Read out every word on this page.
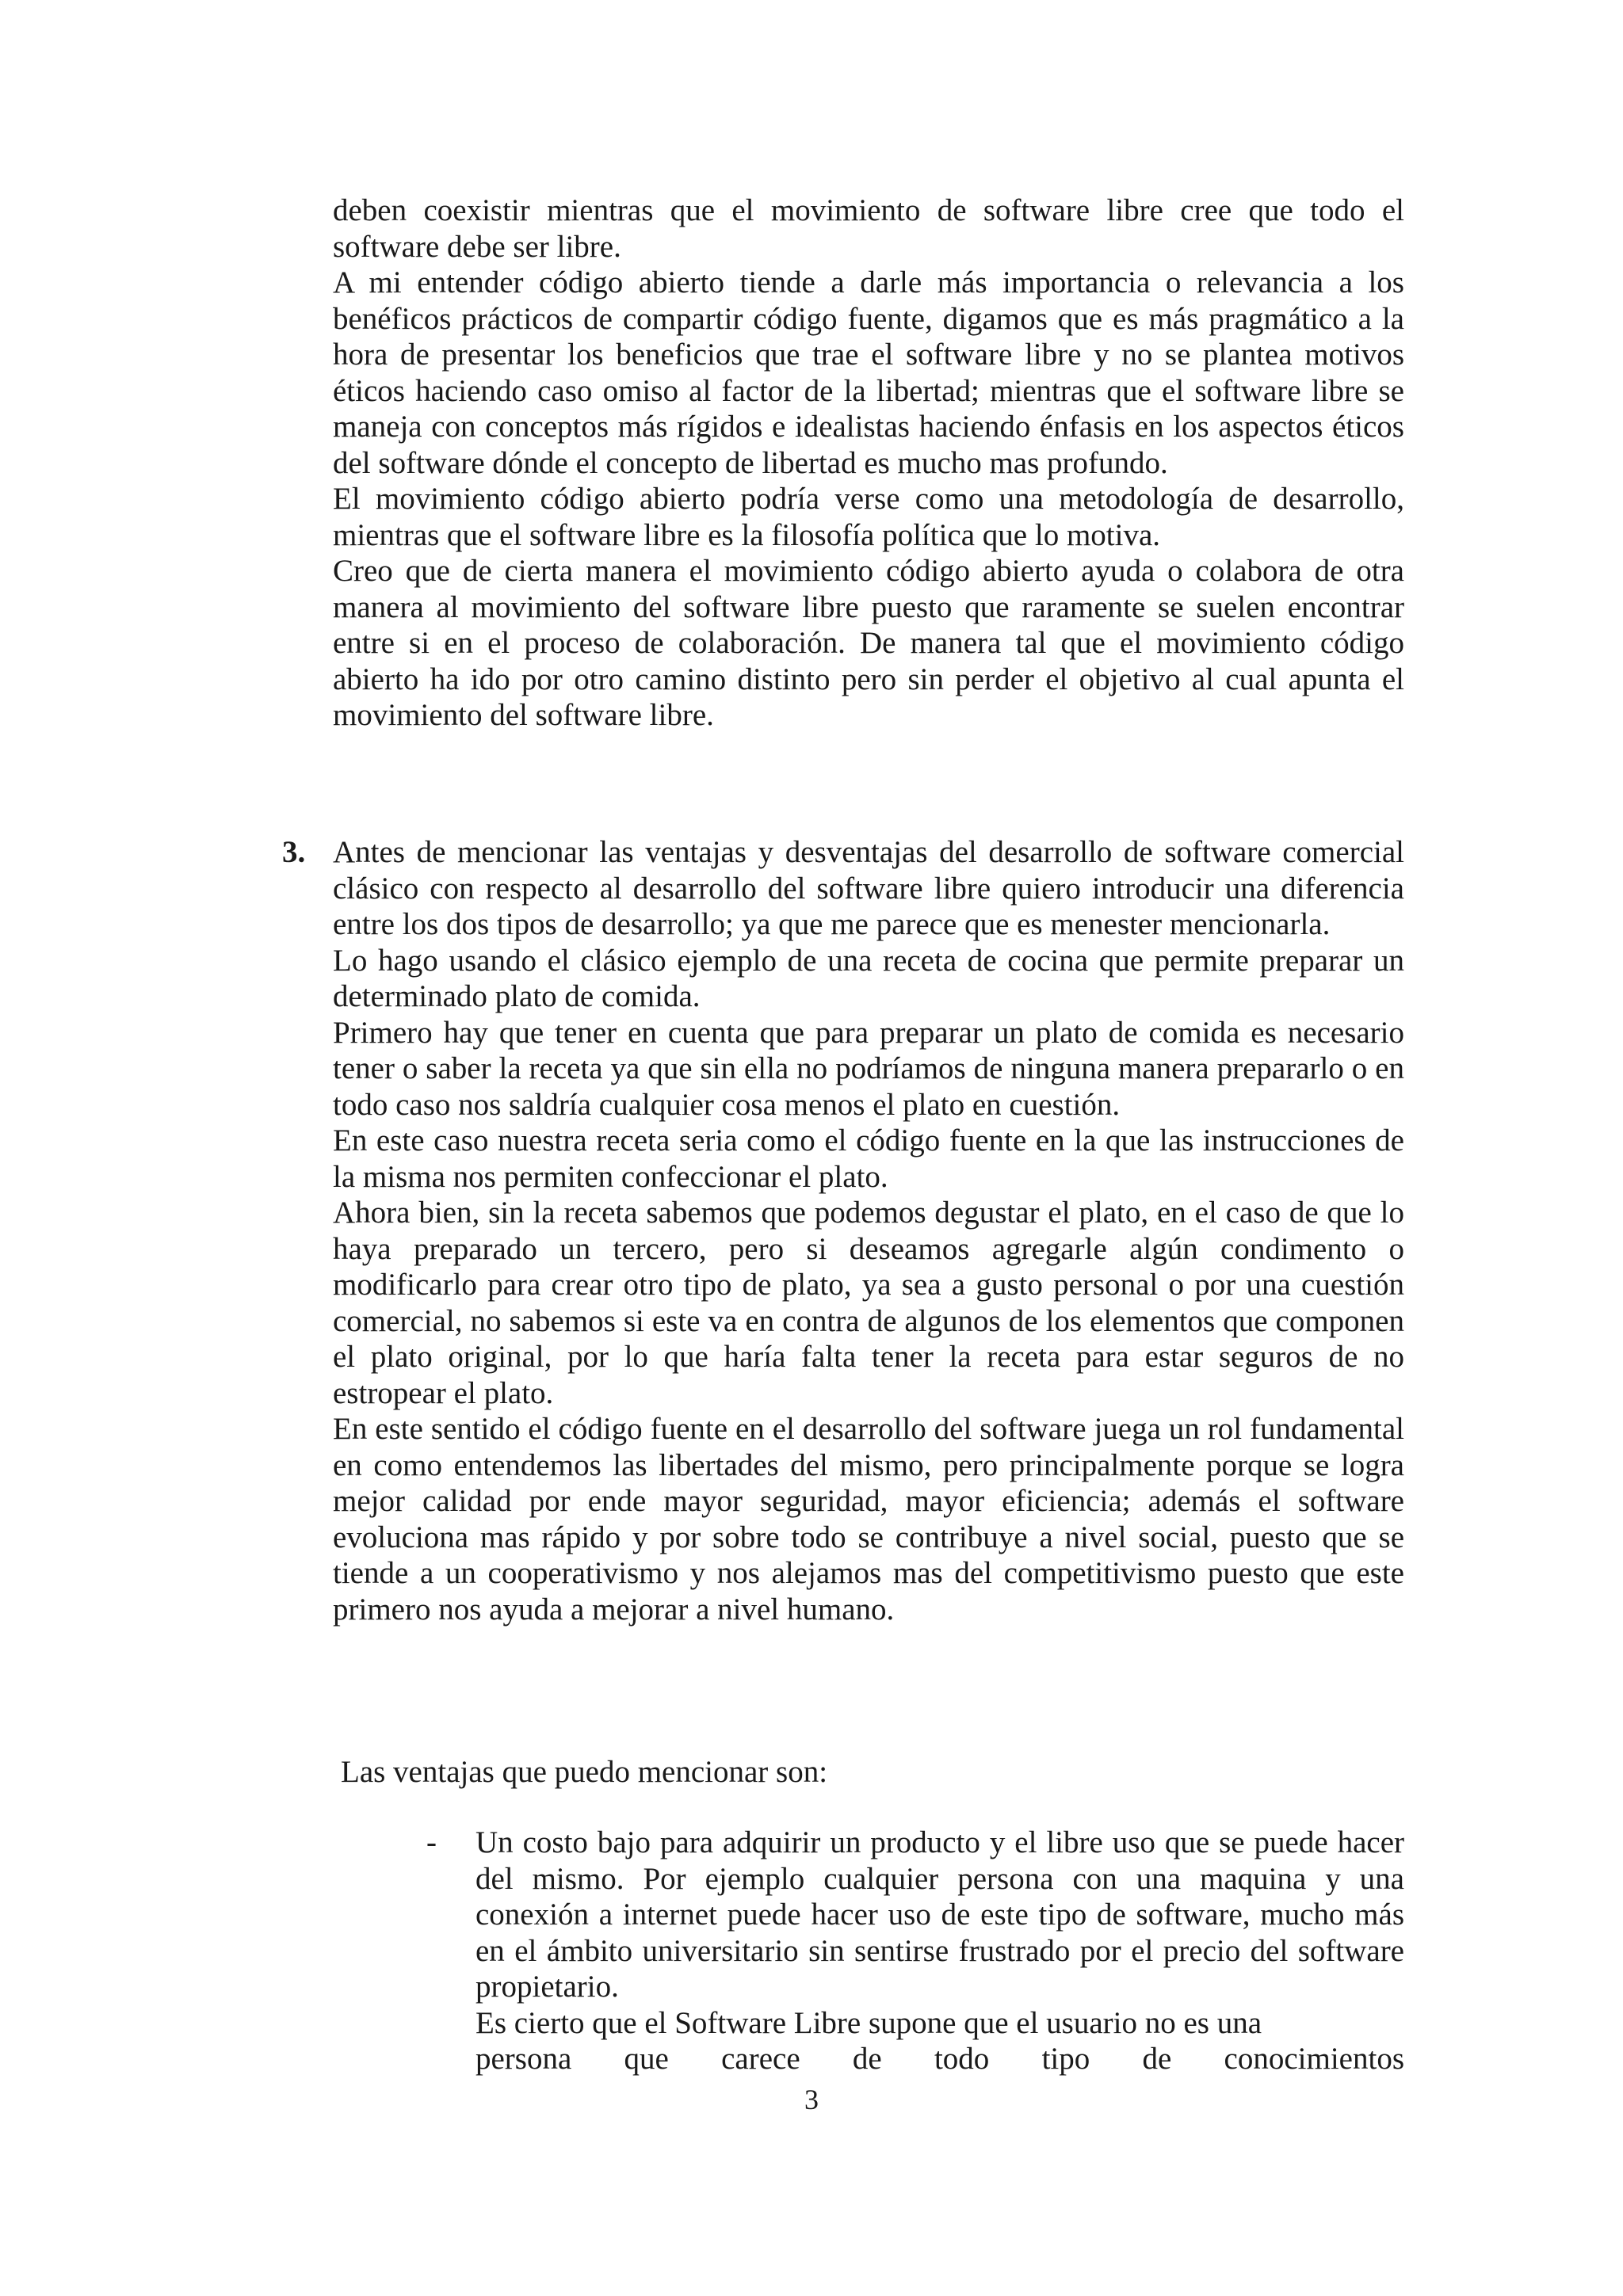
deben coexistir mientras que el movimiento de software libre cree que todo el software debe ser libre.

A mi entender código abierto tiende a darle más importancia o relevancia a los benéficos prácticos de compartir código fuente, digamos que es más pragmático a la hora de presentar los beneficios que trae el software libre y no se plantea motivos éticos haciendo caso omiso al factor de la libertad; mientras que el software libre se maneja con conceptos más rígidos e idealistas haciendo énfasis en los aspectos éticos del software dónde el concepto de libertad es mucho mas profundo.

El movimiento código abierto podría verse como una metodología de desarrollo, mientras que el software libre es la filosofía política que lo motiva.

Creo que de cierta manera el movimiento código abierto ayuda o colabora de otra manera al movimiento del software libre puesto que raramente se suelen encontrar entre si en el proceso de colaboración. De manera tal que el movimiento código abierto ha ido por otro camino distinto pero sin perder el objetivo al cual apunta el movimiento del software libre.

3. Antes de mencionar las ventajas y desventajas del desarrollo de software comercial clásico con respecto al desarrollo del software libre quiero introducir una diferencia entre los dos tipos de desarrollo; ya que me parece que es menester mencionarla.

Lo hago usando el clásico ejemplo de una receta de cocina que permite preparar un determinado plato de comida.

Primero hay que tener en cuenta que para preparar un plato de comida es necesario tener o saber la receta ya que sin ella no podríamos de ninguna manera prepararlo o en todo caso nos saldría cualquier cosa menos el plato en cuestión.

En este caso nuestra receta seria como el código fuente en la que las instrucciones de la misma nos permiten confeccionar el plato.

Ahora bien, sin la receta sabemos que podemos degustar el plato, en el caso de que lo haya preparado un tercero, pero si deseamos agregarle algún condimento o modificarlo para crear otro tipo de plato, ya sea a gusto personal o por una cuestión comercial, no sabemos si este va en contra de algunos de los elementos que componen el plato original, por lo que haría falta tener la receta para estar seguros de no estropear el plato.

En este sentido el código fuente en el desarrollo del software juega un rol fundamental en como entendemos las libertades del mismo, pero principalmente porque se logra mejor calidad por ende mayor seguridad, mayor eficiencia; además el software evoluciona mas rápido y por sobre todo se contribuye a nivel social, puesto que se tiende a un cooperativismo y nos alejamos mas del competitivismo puesto que este primero nos ayuda a mejorar a nivel humano.

Las ventajas que puedo mencionar son:
- Un costo bajo para adquirir un producto y el libre uso que se puede hacer del mismo. Por ejemplo cualquier persona con una maquina y una conexión a internet puede hacer uso de este tipo de software, mucho más en el ámbito universitario sin sentirse frustrado por el precio del software propietario.

Es cierto que el Software Libre supone que el usuario no es una

persona que carece de todo tipo de conocimientos
3
